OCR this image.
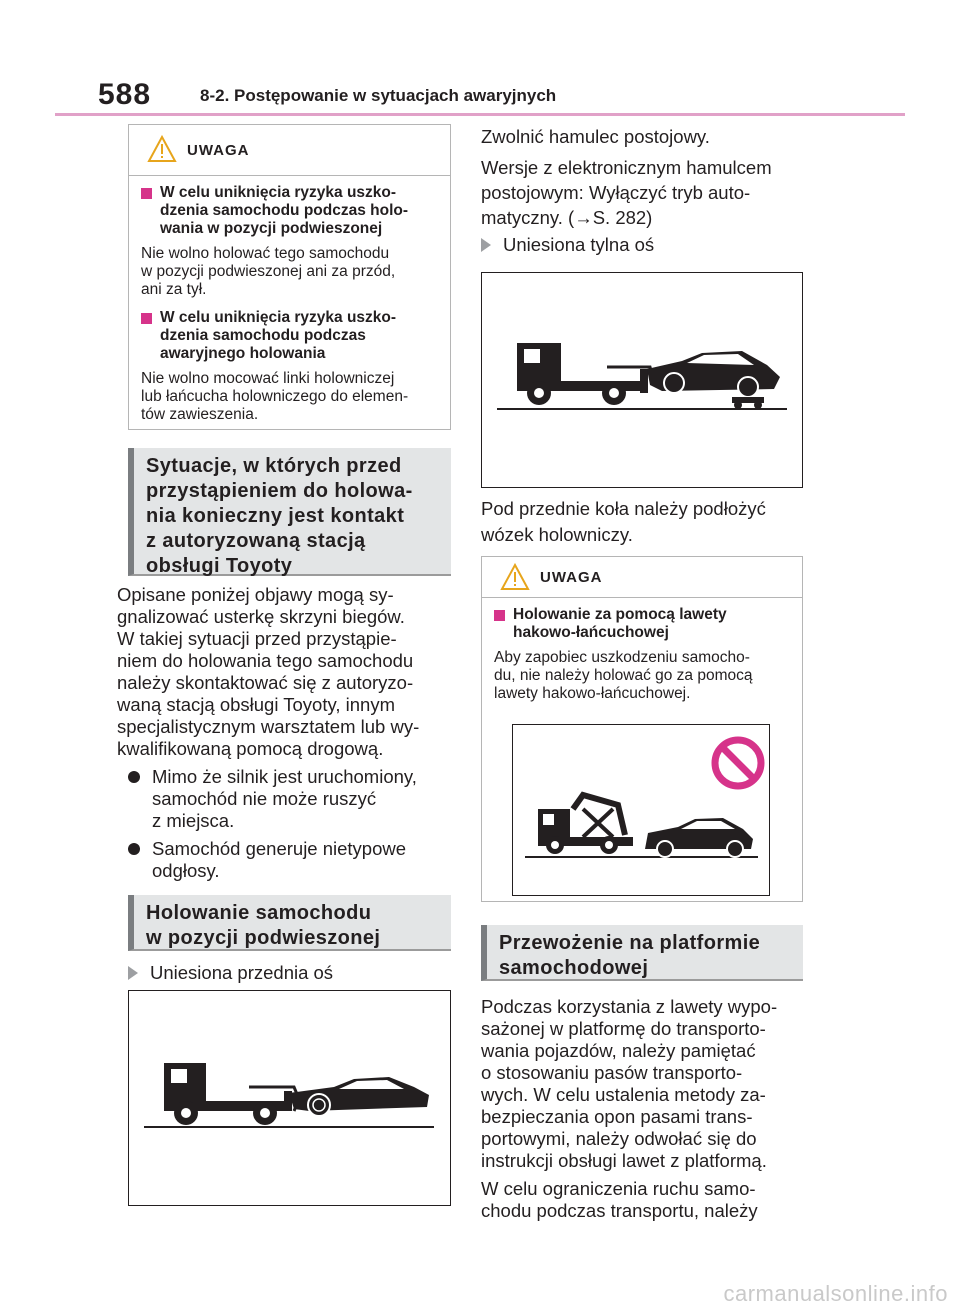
588	8-2. Postępowanie w sytuacjach awaryjnych
UWAGA
W celu uniknięcia ryzyka uszko-
dzenia samochodu podczas holo-
wania w pozycji podwieszonej
Nie wolno holować tego samochodu
w pozycji podwieszonej ani za przód,
ani za tył.
W celu uniknięcia ryzyka uszko-
dzenia samochodu podczas
awaryjnego holowania
Nie wolno mocować linki holowniczej
lub łańcucha holowniczego do elemen-
tów zawieszenia.
Sytuacje, w których przed
przystąpieniem do holowa-
nia konieczny jest kontakt
z autoryzowaną stacją
obsługi Toyoty
Opisane poniżej objawy mogą sy-
gnalizować usterkę skrzyni biegów.
W takiej sytuacji przed przystąpie-
niem do holowania tego samochodu
należy skontaktować się z autoryzo-
waną stacją obsługi Toyoty, innym
specjalistycznym warsztatem lub wy-
kwalifikowaną pomocą drogową.
Mimo że silnik jest uruchomiony,
samochód nie może ruszyć
z miejsca.
Samochód generuje nietypowe
odgłosy.
Holowanie samochodu
w pozycji podwieszonej
Uniesiona przednia oś
Zwolnić hamulec postojowy.
Wersje z elektronicznym hamulcem
postojowym: Wyłączyć tryb auto-
matyczny. (→S. 282)
Uniesiona tylna oś
Pod przednie koła należy podłożyć
wózek holowniczy.
UWAGA
Holowanie za pomocą lawety
hakowo-łańcuchowej
Aby zapobiec uszkodzeniu samocho-
du, nie należy holować go za pomocą
lawety hakowo-łańcuchowej.
Przewożenie na platformie
samochodowej
Podczas korzystania z lawety wypo-
sażonej w platformę do transporto-
wania pojazdów, należy pamiętać
o stosowaniu pasów transporto-
wych. W celu ustalenia metody za-
bezpieczania opon pasami trans-
portowymi, należy odwołać się do
instrukcji obsługi lawet z platformą.
W celu ograniczenia ruchu samo-
chodu podczas transportu, należy
carmanualsonline.info
